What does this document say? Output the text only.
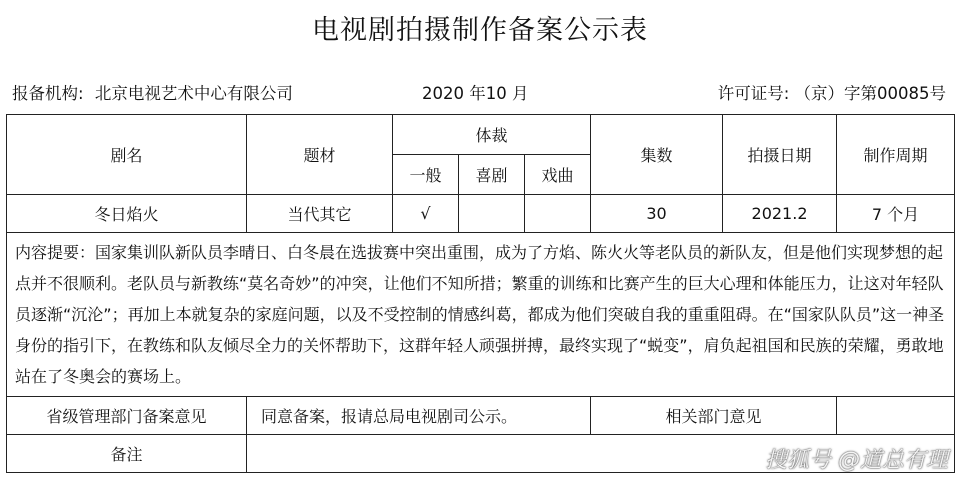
电视剧拍摄制作备案公示表
报备机构: 北京电视艺术中心有限公司	2020 年10 月	许可证号: （京）字第00085号
剧名	题材	体裁			集数	拍摄日期	制作周期
		一般	喜剧	戏曲			
冬日焰火	当代其它	√			30	2021.2	7 个月
内容提要：国家集训队新队员李晴日、白冬晨在选拔赛中突出重围，成为了方焰、陈火火等老队员的新队友，但是他们实现梦想的起点并不很顺利。老队员与新教练“莫名奇妙”的冲突，让他们不知所措；繁重的训练和比赛产生的巨大心理和体能压力，让这对年轻队员逐渐“沉沦”；再加上本就复杂的家庭问题，以及不受控制的情感纠葛，都成为他们突破自我的重重阻碍。在“国家队队员”这一神圣身份的指引下，在教练和队友倾尽全力的关怀帮助下，这群年轻人顽强拼搏，最终实现了“蜕变”，肩负起祖国和民族的荣耀，勇敢地站在了冬奥会的赛场上。							
省级管理部门备案意见	同意备案，报请总局电视剧司公示。				相关部门意见		
备注								搜狐号 @道总有理
